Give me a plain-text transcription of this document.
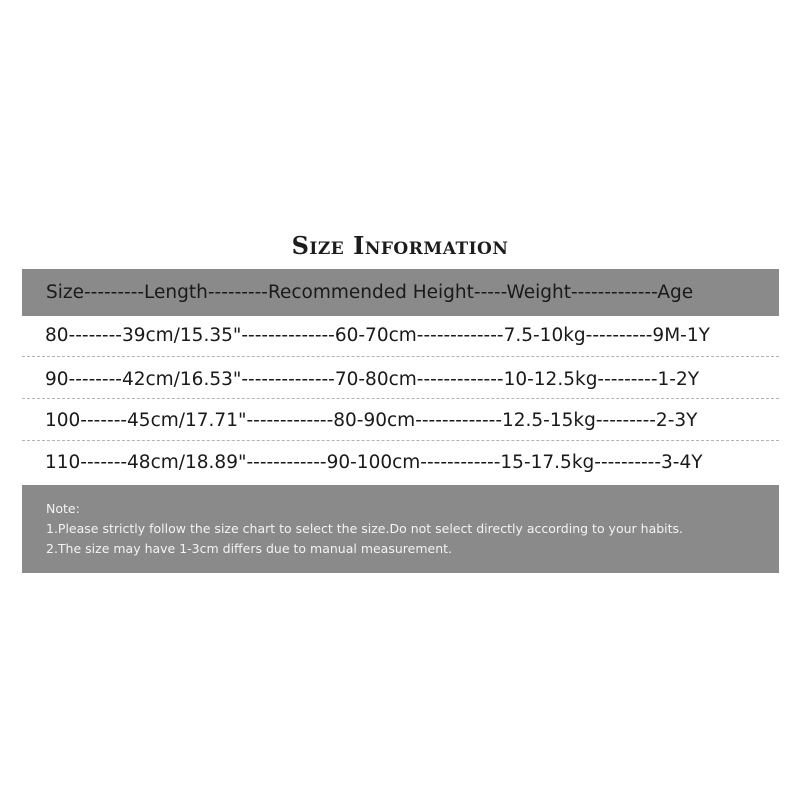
Size Information
Size---------Length---------Recommended Height-----Weight-------------Age
80--------39cm/15.35"--------------60-70cm-------------7.5-10kg----------9M-1Y
90--------42cm/16.53"--------------70-80cm-------------10-12.5kg---------1-2Y
100-------45cm/17.71"-------------80-90cm-------------12.5-15kg---------2-3Y
110-------48cm/18.89"------------90-100cm------------15-17.5kg----------3-4Y
Note:
1.Please strictly follow the size chart to select the size.Do not select directly according to your habits.
2.The size may have 1-3cm differs due to manual measurement.
